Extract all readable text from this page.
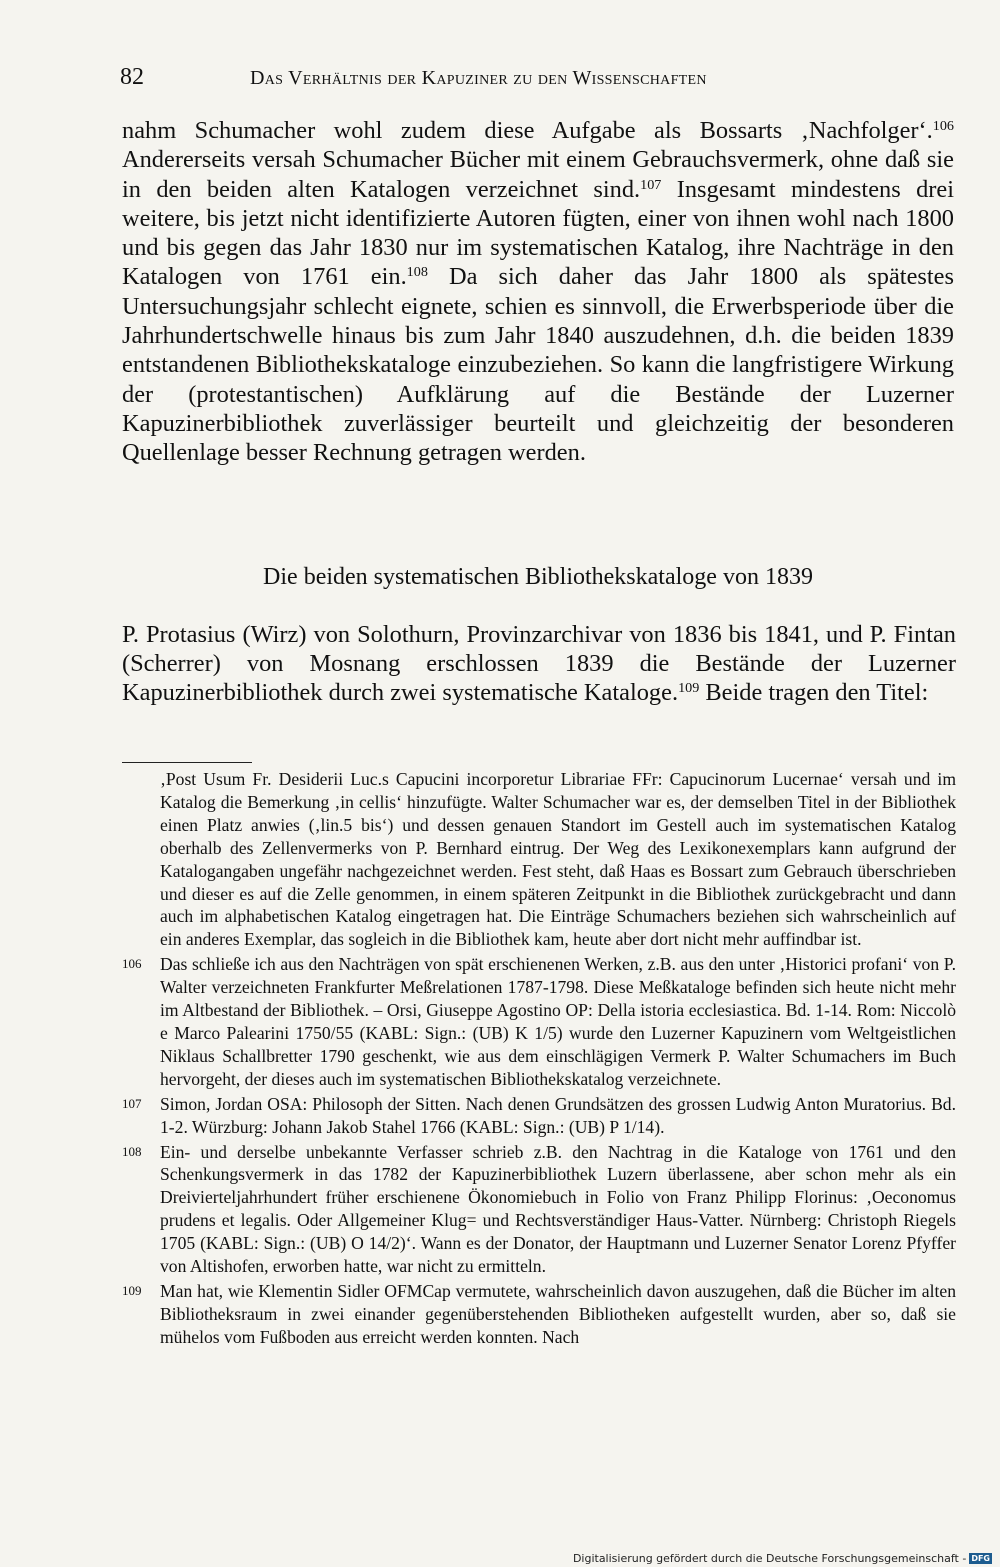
82	Das Verhältnis der Kapuziner zu den Wissenschaften

nahm Schumacher wohl zudem diese Aufgabe als Bossarts ‚Nachfolger‘.$^{106}$ Andererseits versah Schumacher Bücher mit einem Gebrauchsvermerk, ohne daß sie in den beiden alten Katalogen verzeichnet sind.$^{107}$ Insgesamt mindestens drei weitere, bis jetzt nicht identifizierte Autoren fügten, einer von ihnen wohl nach 1800 und bis gegen das Jahr 1830 nur im systematischen Katalog, ihre Nachträge in den Katalogen von 1761 ein.$^{108}$ Da sich daher das Jahr 1800 als spätestes Untersuchungsjahr schlecht eignete, schien es sinnvoll, die Erwerbsperiode über die Jahrhundertschwelle hinaus bis zum Jahr 1840 auszudehnen, d.h. die beiden 1839 entstandenen Bibliothekskataloge einzubeziehen. So kann die langfristigere Wirkung der (protestantischen) Aufklärung auf die Bestände der Luzerner Kapuzinerbibliothek zuverlässiger beurteilt und gleichzeitig der besonderen Quellenlage besser Rechnung getragen werden.

Die beiden systematischen Bibliothekskataloge von 1839

P. Protasius (Wirz) von Solothurn, Provinzarchivar von 1836 bis 1841, und P. Fintan (Scherrer) von Mosnang erschlossen 1839 die Bestände der Luzerner Kapuzinerbibliothek durch zwei systematische Kataloge.$^{109}$ Beide tragen den Titel:

‚Post Usum Fr. Desiderii Luc.s Capucini incorporetur Librariae FFr: Capucinorum Lucernae‘ versah und im Katalog die Bemerkung ‚in cellis‘ hinzufügte. Walter Schumacher war es, der demselben Titel in der Bibliothek einen Platz anwies (‚lin.5 bis‘) und dessen genauen Standort im Gestell auch im systematischen Katalog oberhalb des Zellenvermerks von P. Bernhard eintrug. Der Weg des Lexikonexemplars kann aufgrund der Katalogangaben ungefähr nachgezeichnet werden. Fest steht, daß Haas es Bossart zum Gebrauch überschrieben und dieser es auf die Zelle genommen, in einem späteren Zeitpunkt in die Bibliothek zurückgebracht und dann auch im alphabetischen Katalog eingetragen hat. Die Einträge Schumachers beziehen sich wahrscheinlich auf ein anderes Exemplar, das sogleich in die Bibliothek kam, heute aber dort nicht mehr auffindbar ist.
106 Das schließe ich aus den Nachträgen von spät erschienenen Werken, z.B. aus den unter ‚Historici profani‘ von P. Walter verzeichneten Frankfurter Meßrelationen 1787-1798. Diese Meßkataloge befinden sich heute nicht mehr im Altbestand der Bibliothek. – Orsi, Giuseppe Agostino OP: Della istoria ecclesiastica. Bd. 1-14. Rom: Niccolò e Marco Palearini 1750/55 (KABL: Sign.: (UB) K 1/5) wurde den Luzerner Kapuzinern vom Weltgeistlichen Niklaus Schallbretter 1790 geschenkt, wie aus dem einschlägigen Vermerk P. Walter Schumachers im Buch hervorgeht, der dieses auch im systematischen Bibliothekskatalog verzeichnete.
107 Simon, Jordan OSA: Philosoph der Sitten. Nach denen Grundsätzen des grossen Ludwig Anton Muratorius. Bd. 1-2. Würzburg: Johann Jakob Stahel 1766 (KABL: Sign.: (UB) P 1/14).
108 Ein- und derselbe unbekannte Verfasser schrieb z.B. den Nachtrag in die Kataloge von 1761 und den Schenkungsvermerk in das 1782 der Kapuzinerbibliothek Luzern überlassene, aber schon mehr als ein Dreivierteljahrhundert früher erschienene Ökonomiebuch in Folio von Franz Philipp Florinus: ‚Oeconomus prudens et legalis. Oder Allgemeiner Klug= und Rechtsverständiger Haus-Vatter. Nürnberg: Christoph Riegels 1705 (KABL: Sign.: (UB) O 14/2)‘. Wann es der Donator, der Hauptmann und Luzerner Senator Lorenz Pfyffer von Altishofen, erworben hatte, war nicht zu ermitteln.
109 Man hat, wie Klementin Sidler OFMCap vermutete, wahrscheinlich davon auszugehen, daß die Bücher im alten Bibliotheksraum in zwei einander gegenüberstehenden Bibliotheken aufgestellt wurden, aber so, daß sie mühelos vom Fußboden aus erreicht werden konnten. Nach
Digitalisierung gefördert durch die Deutsche Forschungsgemeinschaft - DFG
